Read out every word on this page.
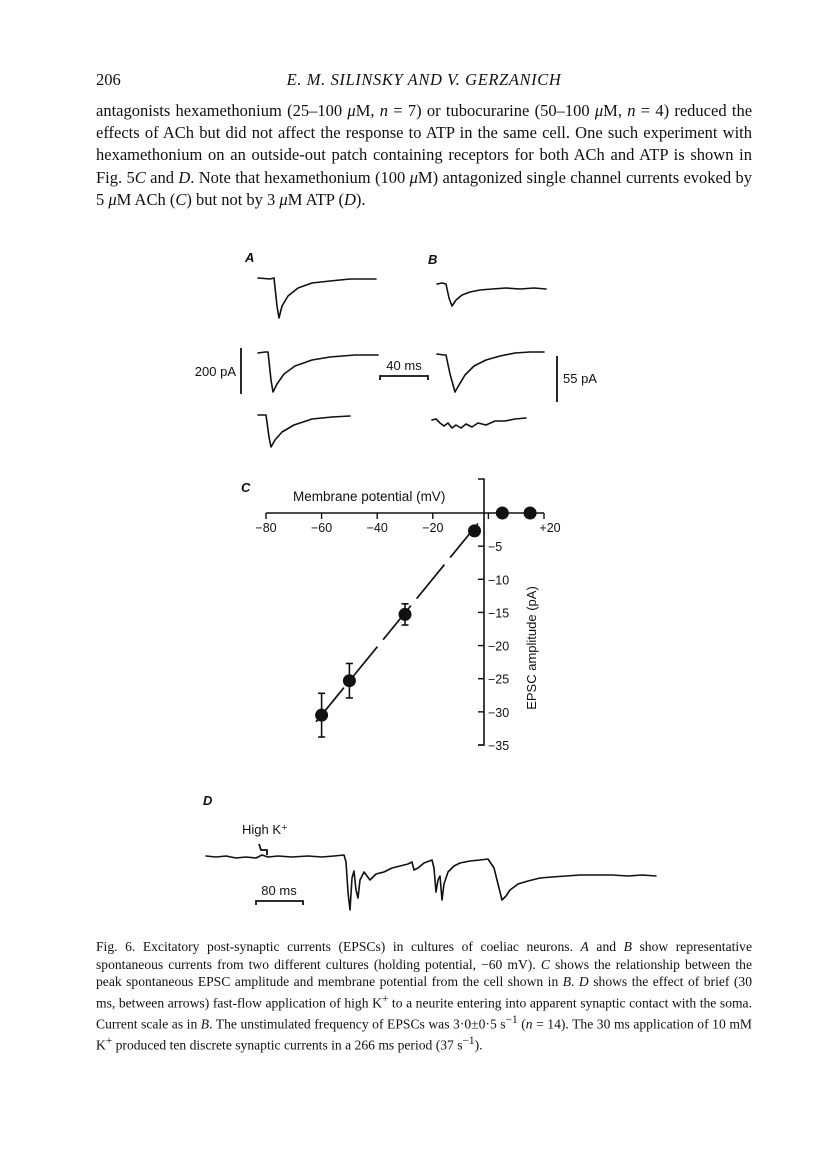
206	E. M. SILINSKY AND V. GERZANICH

antagonists hexamethonium (25–100 μM, n = 7) or tubocurarine (50–100 μM, n = 4) reduced the effects of ACh but did not affect the response to ATP in the same cell. One such experiment with hexamethonium on an outside-out patch containing receptors for both ACh and ATP is shown in Fig. 5C and D. Note that hexamethonium (100 μM) antagonized single channel currents evoked by 5 μM ACh (C) but not by 3 μM ATP (D).

−80	−60	−40	−20	+20
−5
−10
−15
−20
−25
−30
−35
A	B
C
D
200 pA	40 ms
55 pA
80 ms
High K⁺
Membrane potential (mV)
EPSC amplitude (pA)

Fig. 6. Excitatory post-synaptic currents (EPSCs) in cultures of coeliac neurons. A and B show representative spontaneous currents from two different cultures (holding potential, −60 mV). C shows the relationship between the peak spontaneous EPSC amplitude and membrane potential from the cell shown in B. D shows the effect of brief (30 ms, between arrows) fast-flow application of high K+ to a neurite entering into apparent synaptic contact with the soma. Current scale as in B. The unstimulated frequency of EPSCs was 3·0±0·5 $s^{-1}$ (n = 14). The 30 ms application of 10 mM K+ produced ten discrete synaptic currents in a 266 ms period (37 $s^{-1}$).
